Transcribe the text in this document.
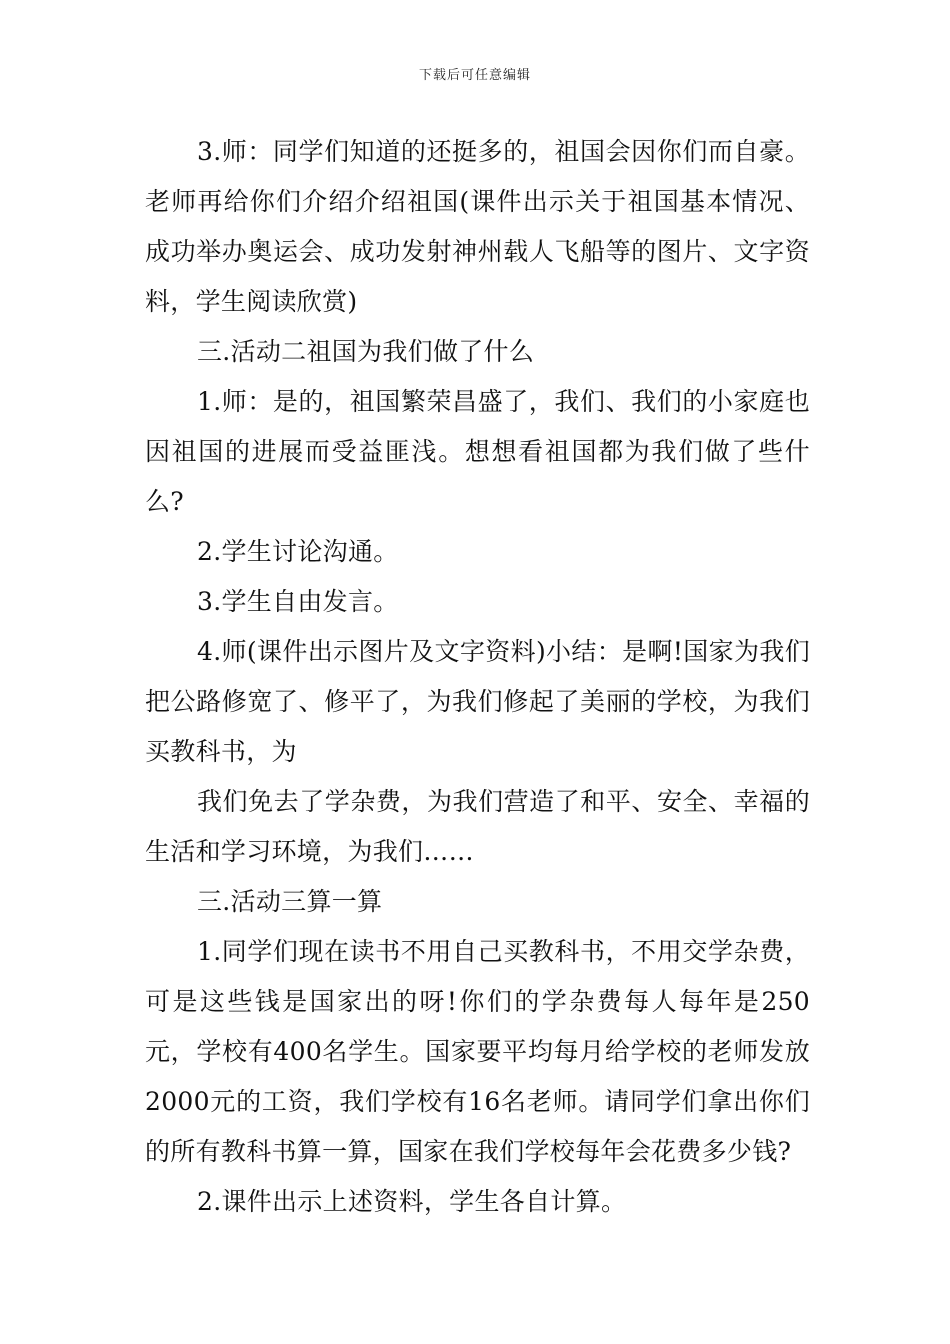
下载后可任意编辑

3.师：同学们知道的还挺多的，祖国会因你们而自豪。老师再给你们介绍介绍祖国(课件出示关于祖国基本情况、成功举办奥运会、成功发射神州载人飞船等的图片、文字资料，学生阅读欣赏)

三.活动二祖国为我们做了什么

1.师：是的，祖国繁荣昌盛了，我们、我们的小家庭也因祖国的进展而受益匪浅。想想看祖国都为我们做了些什么?

2.学生讨论沟通。

3.学生自由发言。

4.师(课件出示图片及文字资料)小结：是啊!国家为我们把公路修宽了、修平了，为我们修起了美丽的学校，为我们买教科书，为

我们免去了学杂费，为我们营造了和平、安全、幸福的生活和学习环境，为我们……

三.活动三算一算

1.同学们现在读书不用自己买教科书，不用交学杂费，可是这些钱是国家出的呀!你们的学杂费每人每年是250元，学校有400名学生。国家要平均每月给学校的老师发放2000元的工资，我们学校有16名老师。请同学们拿出你们的所有教科书算一算，国家在我们学校每年会花费多少钱?

2.课件出示上述资料，学生各自计算。
